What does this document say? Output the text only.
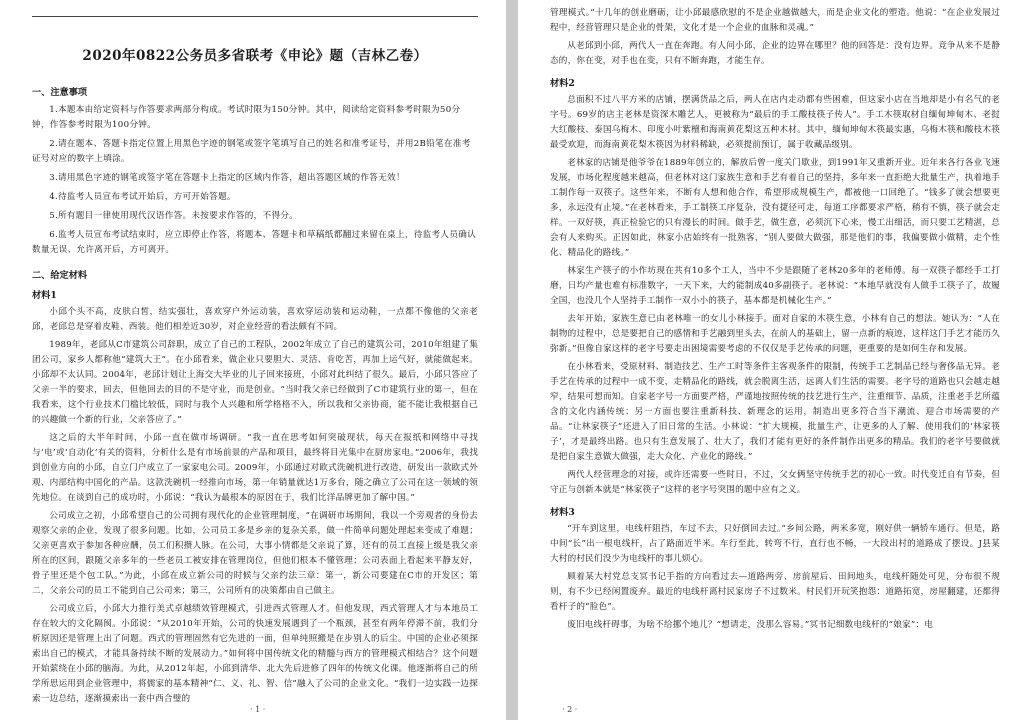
2020年0822公务员多省联考《申论》题（吉林乙卷）
一、注意事项

1.本题本由给定资料与作答要求两部分构成。考试时限为150分钟。其中，阅读给定资料参考时限为50分钟，作答参考时限为100分钟。

2.请在题本、答题卡指定位置上用黑色字迹的钢笔或签字笔填写自己的姓名和准考证号，并用2B铅笔在准考证号对应的数字上填涂。

3.请用黑色字迹的钢笔或签字笔在答题卡上指定的区域内作答，超出答题区域的作答无效！

4.待监考人员宣布考试开始后，方可开始答题。

5.所有题目一律使用现代汉语作答。未按要求作答的，不得分。

6.监考人员宣布考试结束时，应立即停止作答，将题本、答题卡和草稿纸都翻过来留在桌上，待监考人员确认数量无误、允许离开后，方可离开。

二、给定材料
材料1

小邱个头不高，皮肤白皙，结实强壮，喜欢穿户外运动装，喜欢穿运动装和运动鞋，一点都不像他的父亲老邱，老邱总是穿着皮鞋、西装。他们相差近30岁，对企业经营的看法颇有不同。

1989年，老邱从C市建筑公司辞职，成立了自己的工程队，2002年成立了自己的建筑公司，2010年组建了集团公司，家乡人都称他“建筑大王”。在小邱看来，做企业只要胆大、灵活、肯吃苦，再加上运气好，就能做起来。小邱却不太认同。2004年，老邱计划让上海交大毕业的儿子回来接班，小邱对此纠结了很久。最后，小邱只答应了父亲一半的要求，回去，但他回去的目的不是守业，而是创业。“当时我父亲已经做到了C市建筑行业的第一，但在我看来，这个行业技术门槛比较低，同时与我个人兴趣和所学格格不入，所以我和父亲协商，能不能让我根据自己的兴趣做一个新的行业，父亲答应了。”

这之后的大半年时间，小邱一直在做市场调研。“我一直在思考如何突破现状，每天在报纸和网络中寻找与‘电’或‘自动化’有关的资料，分析什么是有市场前景的产品和项目，最终将目光集中在厨房家电。”2006年，我找到创业方向的小邱，自立门户成立了一家家电公司。2009年，小邱通过对欧式洗碗机进行改造，研发出一款欧式外观、内部结构中国化的产品。这款洗碗机一经推向市场，第一年销量就达1万多台，随之确立了公司在这一领域的领先地位。在谈到自己的成功时，小邱说：“我认为最根本的原因在于，我们比洋品牌更加了解中国。”

公司成立之初，小邱希望自己的公司拥有现代化的企业管理制度，“在调研市场期间，我以一个旁观者的身份去观察父亲的企业，发现了很多问题。比如，公司员工多是乡亲的复杂关系，做一件简单问题处理起来变成了难题；父亲更喜欢于参加各种应酬，员工们积攒人脉。在公司，大事小情都是父亲说了算，还有的员工直接上级是我父亲所在的区间，跟随父亲多年的一些老员工被安排在管理岗位，但他们根本不懂管理；公司表面上看起来平静友好，骨子里还是个包工队。”为此，小邱在成立新公司的时候与父亲约法三章：第一，新公司要建在C市的开发区；第二，父亲公司的员工不能到自己公司来；第三，公司所有的决策都由自己做主。

公司成立后，小邱大力推行美式卓越绩效管理模式，引进西式管理人才。但他发现，西式管理人才与本地员工存在较大的文化隔阂。小邱说：“从2010年开始，公司的快速发展遇到了一个瓶颈，甚至有两年停滞不前，我们分析原因还是管理上出了问题。西式的管理固然有它先进的一面，但单纯照搬是在步别人的后尘。中国的企业必须探索出自己的模式，才能具备持续不断的发展动力。”如何将中国传统文化的精髓与西方的管理模式相结合？这个问题开始萦绕在小邱的脑海。为此，从2012年起，小邱到清华、北大先后进修了四年的传统文化课。他逐渐将自己的所学所思运用到企业管理中，将儒家的基本精神“仁、义、礼、智、信”融入了公司的企业文化。“我们一边实践一边探索一边总结，逐渐摸索出一套中西合璧的

· 1 ·

管理模式。”十几年的创业磨砺，让小邱最感欣慰的不是企业越做越大，而是企业文化的塑造。他说：“在企业发展过程中，经营管理只是企业的骨架，文化才是一个企业的血脉和灵魂。”

从老邱到小邱，两代人一直在奔跑。有人问小邱，企业的边界在哪里？他的回答是：没有边界。竞争从来不是静态的，你在变，对手也在变，只有不断奔跑，才能生存。

材料2

总面积不过八平方米的店铺，摆满货品之后，两人在店内走动都有些困难，但这家小店在当地却是小有名气的老字号。69岁的店主老林是资深木雕艺人，更被称为“最后的手工酸枝筷子传人”。手工木筷取材自缅甸坤甸木、老挝大红酸枝、泰国乌梅木、印度小叶紫檀和海南黄花梨这五种木材。其中，缅甸坤甸木筷最实惠，乌梅木筷和酸枝木筷最受欢迎，而海南黄花梨木筷因为材料稀缺，必须提前预订，属于收藏品级别。

老林家的店铺是他爷爷在1889年创立的，解放后曾一度关门歇业，到1991年又重新开业。近年来各行各业飞速发展，市场化程度越来越高，但老林对这门家族生意和手艺有着自己的坚持，多年来一直拒绝大批量生产，执着地手工制作每一双筷子。这些年来，不断有人想和他合作，希望形成规模生产，都被他一口回绝了。“钱多了就会想要更多，永远没有止境。”在老林看来，手工制筷工序复杂，没有捷径可走，每道工序都要求严格，稍有不慎，筷子就会走样。一双好筷，真正检验它的只有漫长的时间。做手艺，做生意，必须沉下心来，慢工出细活，而只要工艺精湛，总会有人来购买。正因如此，林家小店始终有一批熟客，“别人要做大做强，那是他们的事，我偏要做小做精，走个性化、精品化的路线。”

林家生产筷子的小作坊现在共有10多个工人，当中不少是跟随了老林20多年的老师傅。每一双筷子都经手工打磨，日均产量也难有标准数字，一天下来，大约能制成40多副筷子。老林说：“本地早就没有人做手工筷子了，故履全国，也没几个人坚持手工制作一双小小的筷子，基本都是机械化生产。”

去年开始，家族生意已由老林唯一的女儿小林接手。面对自家的木筷生意，小林有自己的想法。她认为：“人在制物的过程中，总是要把自己的感情和手艺融到里头去，在前人的基础上，留一点新的痕迹，这样这门手艺才能历久弥新。”但像自家这样的老字号要走出困境需要考虑的不仅仅是手艺传承的问题，更重要的是如何生存和发展。

在小林看来，受原材料、制造技艺、生产工时等条件主客观条件的限制，传统手工艺制品已经与奢侈品无异。老手艺在传承的过程中一成不变，走精品化的路线，就会脱离生活，远离人们生活的需要。老字号的道路也只会越走越窄，结果可想而知。自家老字号一方面要严格，严谨地按照传统的技艺进行生产，注重细节、品质，注重老手艺所蕴含的文化内涵传统；另一方面也要注重新科技、新理念的运用，制造出更多符合当下潮流、迎合市场需要的产品。“让林家筷子”还进入了旧日常的生活。小林说：“扩大规模，批量生产，让更多的人了解、使用我们的‘林家筷子’，才是最终出路。也只有生意发展了、壮大了，我们才能有更好的条件制作出更多的精品。我们的老字号要做就是把自家生意做大做强，走大众化、产业化的路线。”

两代人经营理念的对接，或许还需要一些时日，不过，父女俩坚守传统手艺的初心一致。时代变迁自有节奏，但守正与创新本就是“林家筷子”这样的老字号突围的题中应有之义。

材料3

“开车到这里，电线杆阻挡，车过不去，只好倒回去过。”乡间公路，两米多宽，刚好供一辆轿车通行。但是，路中间“长”出一根电线杆，占了路面近半米。车行至此，转弯不行，直行也不畅，一大段出村的道路成了摆设。J县某大村的村民们没少为电线杆的事儿烦心。

顾着某大村党总支冥书记手指的方向看过去—道路两旁、房前屋后、田间地头，电线杆随处可见，分布很不规则，有不少已经闲置废弃。最近的电线杆离村民家房子不过数米。村民们开玩笑抱怨：道路拓宽，房屋翻建，还都得看杆子的“脸色”。

废旧电线杆碍事，为啥不给挪个地儿？“想请走，没那么容易。”冥书记细数电线杆的“娘家”：电

· 2 ·
